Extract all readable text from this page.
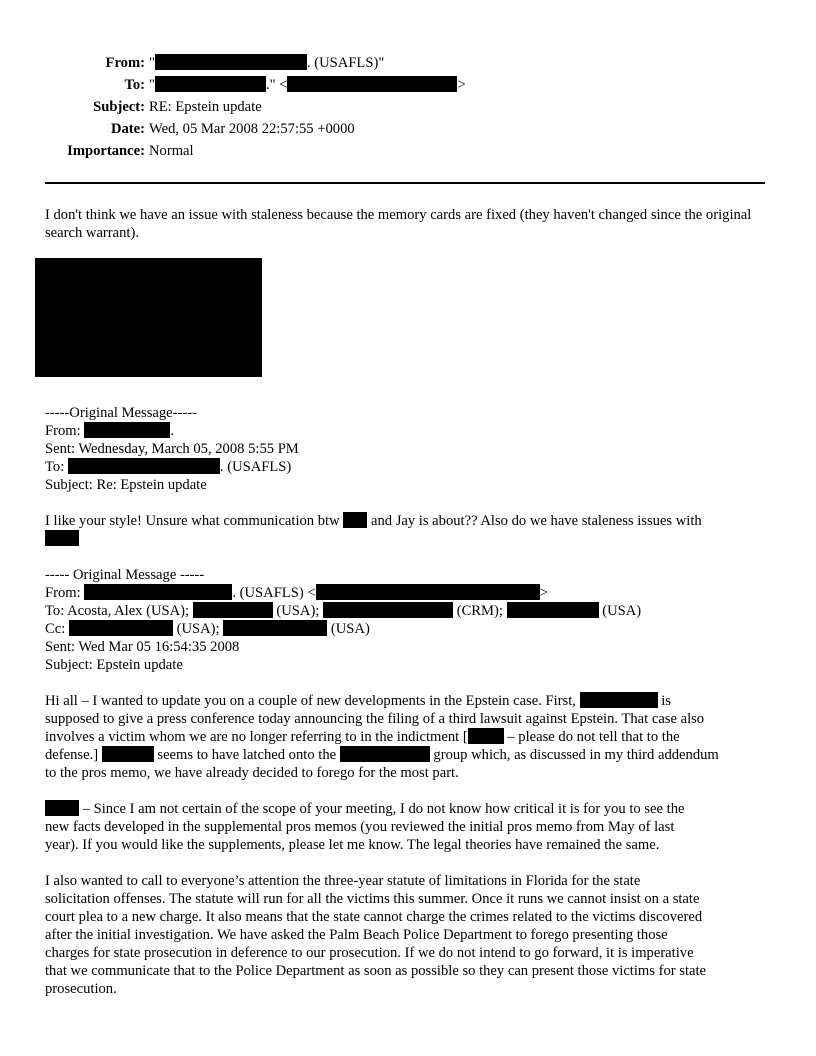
From: "	. (USAFLS)"
To: "	." <	>
Subject: RE: Epstein update
Date: Wed, 05 Mar 2008 22:57:55 +0000
Importance: Normal

I don't think we have an issue with staleness because the memory cards are fixed (they haven't changed since the original search warrant).

-----Original Message-----
From:	.
Sent: Wednesday, March 05, 2008 5:55 PM
To:	. (USAFLS)
Subject: Re: Epstein update
I like your style! Unsure what communication btw and Jay is about?? Also do we have staleness issues with
----- Original Message -----
From:	. (USAFLS) <	>
To: Acosta, Alex (USA);	(USA);	(CRM);	(USA)
Cc:	(USA);	(USA)
Sent: Wed Mar 05 16:54:35 2008
Subject: Epstein update
Hi all – I wanted to update you on a couple of new developments in the Epstein case. First,	is
supposed to give a press conference today announcing the filing of a third lawsuit against Epstein. That case also
involves a victim whom we are no longer referring to in the indictment [	– please do not tell that to the
defense.]	seems to have latched onto the	group which, as discussed in my third addendum
to the pros memo, we have already decided to forego for the most part.
– Since I am not certain of the scope of your meeting, I do not know how critical it is for you to see the
new facts developed in the supplemental pros memos (you reviewed the initial pros memo from May of last
year). If you would like the supplements, please let me know. The legal theories have remained the same.
I also wanted to call to everyone’s attention the three-year statute of limitations in Florida for the state
solicitation offenses. The statute will run for all the victims this summer. Once it runs we cannot insist on a state
court plea to a new charge. It also means that the state cannot charge the crimes related to the victims discovered
after the initial investigation. We have asked the Palm Beach Police Department to forego presenting those
charges for state prosecution in deference to our prosecution. If we do not intend to go forward, it is imperative
that we communicate that to the Police Department as soon as possible so they can present those victims for state
prosecution.
